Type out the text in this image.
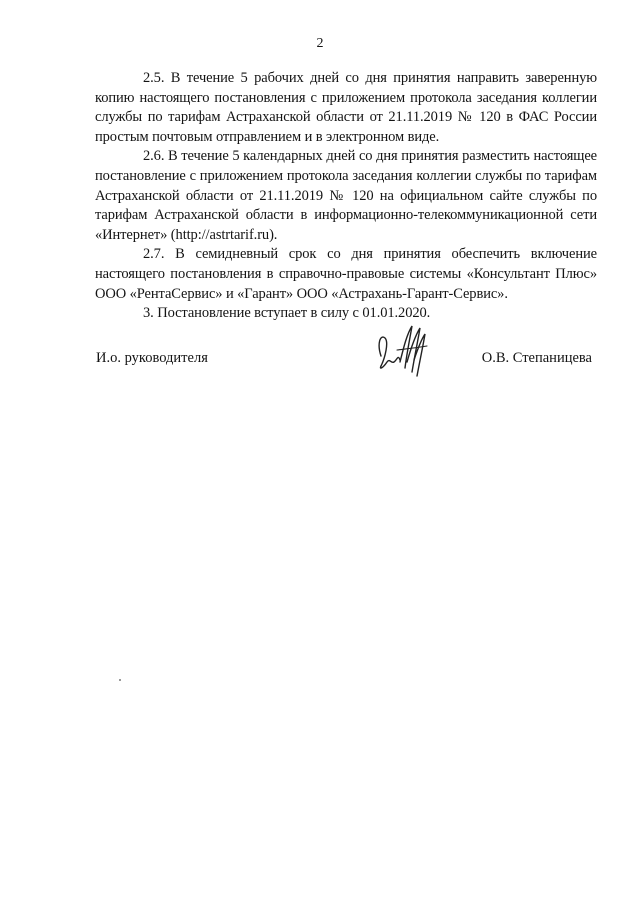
2

2.5. В течение 5 рабочих дней со дня принятия направить заверенную копию настоящего постановления с приложением протокола заседания коллегии службы по тарифам Астраханской области от 21.11.2019 № 120 в ФАС России простым почтовым отправлением и в электронном виде.

2.6. В течение 5 календарных дней со дня принятия разместить настоящее постановление с приложением протокола заседания коллегии службы по тарифам Астраханской области от 21.11.2019 № 120 на официальном сайте службы по тарифам Астраханской области в информационно-телекоммуникационной сети «Интернет» (http://astrtarif.ru).

2.7. В семидневный срок со дня принятия обеспечить включение настоящего постановления в справочно-правовые системы «Консультант Плюс» ООО «РентаСервис» и «Гарант» ООО «Астрахань-Гарант-Сервис».

3. Постановление вступает в силу с 01.01.2020.

И.о. руководителя	О.В. Степаницева
